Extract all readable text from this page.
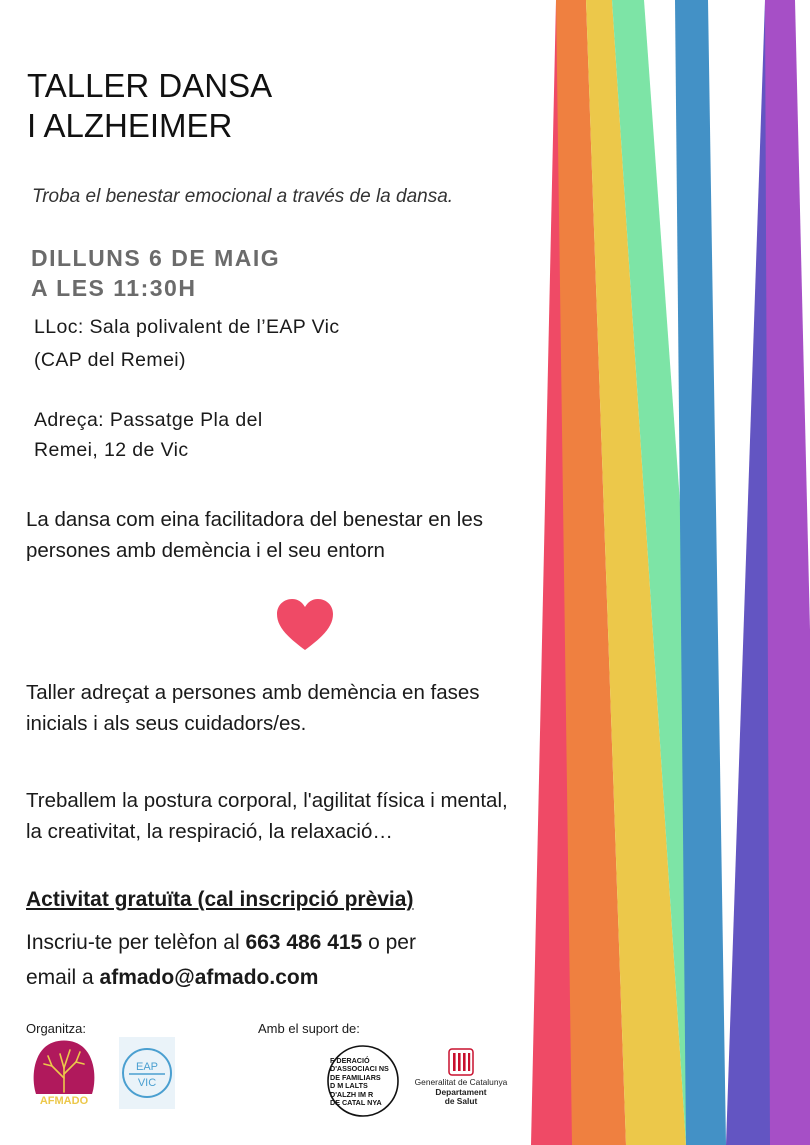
TALLER DANSA
I ALZHEIMER
Troba el benestar emocional a través de la dansa.
DILLUNS 6 DE MAIG
A LES 11:30H
LLoc: Sala polivalent de l’EAP Vic
(CAP del Remei)
Adreça: Passatge Pla del
Remei, 12 de Vic
La dansa com eina facilitadora del benestar en les
persones amb demència i el seu entorn
Taller adreçat a persones amb demència en fases
inicials i als seus cuidadors/es.
Treballem la postura corporal, l'agilitat física i mental,
la creativitat, la respiració, la relaxació…
Activitat gratuïta (cal inscripció prèvia)
Inscriu-te per telèfon al 663 486 415 o per
email a afmado@afmado.com
Organitza:	Amb el suport de:
AFMADO
EAP
VIC
F DERACIÓ
D'ASSOCIACI NS
DE FAMILIARS
D M LALTS
D'ALZH IM R
DE CATAL NYA
Generalitat de Catalunya
Departament
de Salut
